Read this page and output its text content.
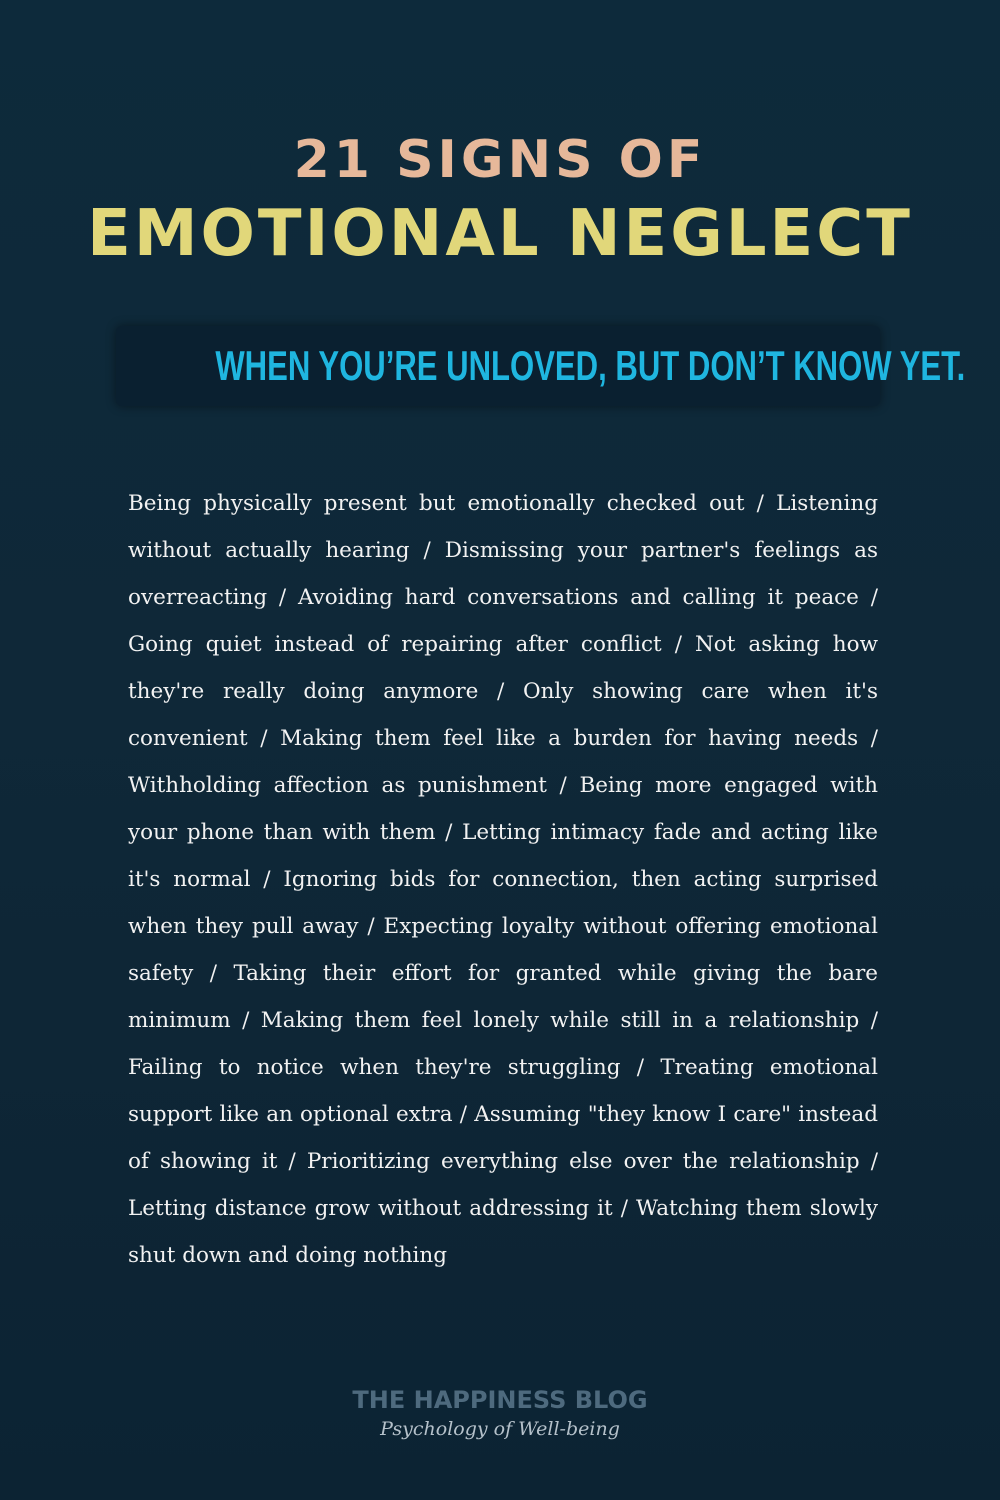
21 SIGNS OF
EMOTIONAL NEGLECT
WHEN YOU’RE UNLOVED, BUT DON’T KNOW YET.

Being physically present but emotionally checked out / Listening without actually hearing / Dismissing your partner's feelings as overreacting / Avoiding hard conversations and calling it peace / Going quiet instead of repairing after conflict / Not asking how they're really doing anymore / Only showing care when it's convenient / Making them feel like a burden for having needs / Withholding affection as punishment / Being more engaged with your phone than with them / Letting intimacy fade and acting like it's normal / Ignoring bids for connection, then acting surprised when they pull away / Expecting loyalty without offering emotional safety / Taking their effort for granted while giving the bare minimum / Making them feel lonely while still in a relationship / Failing to notice when they're struggling / Treating emotional support like an optional extra / Assuming "they know I care" instead of showing it / Prioritizing everything else over the relationship / Letting distance grow without addressing it / Watching them slowly shut down and doing nothing

THE HAPPINESS BLOG
Psychology of Well-being
